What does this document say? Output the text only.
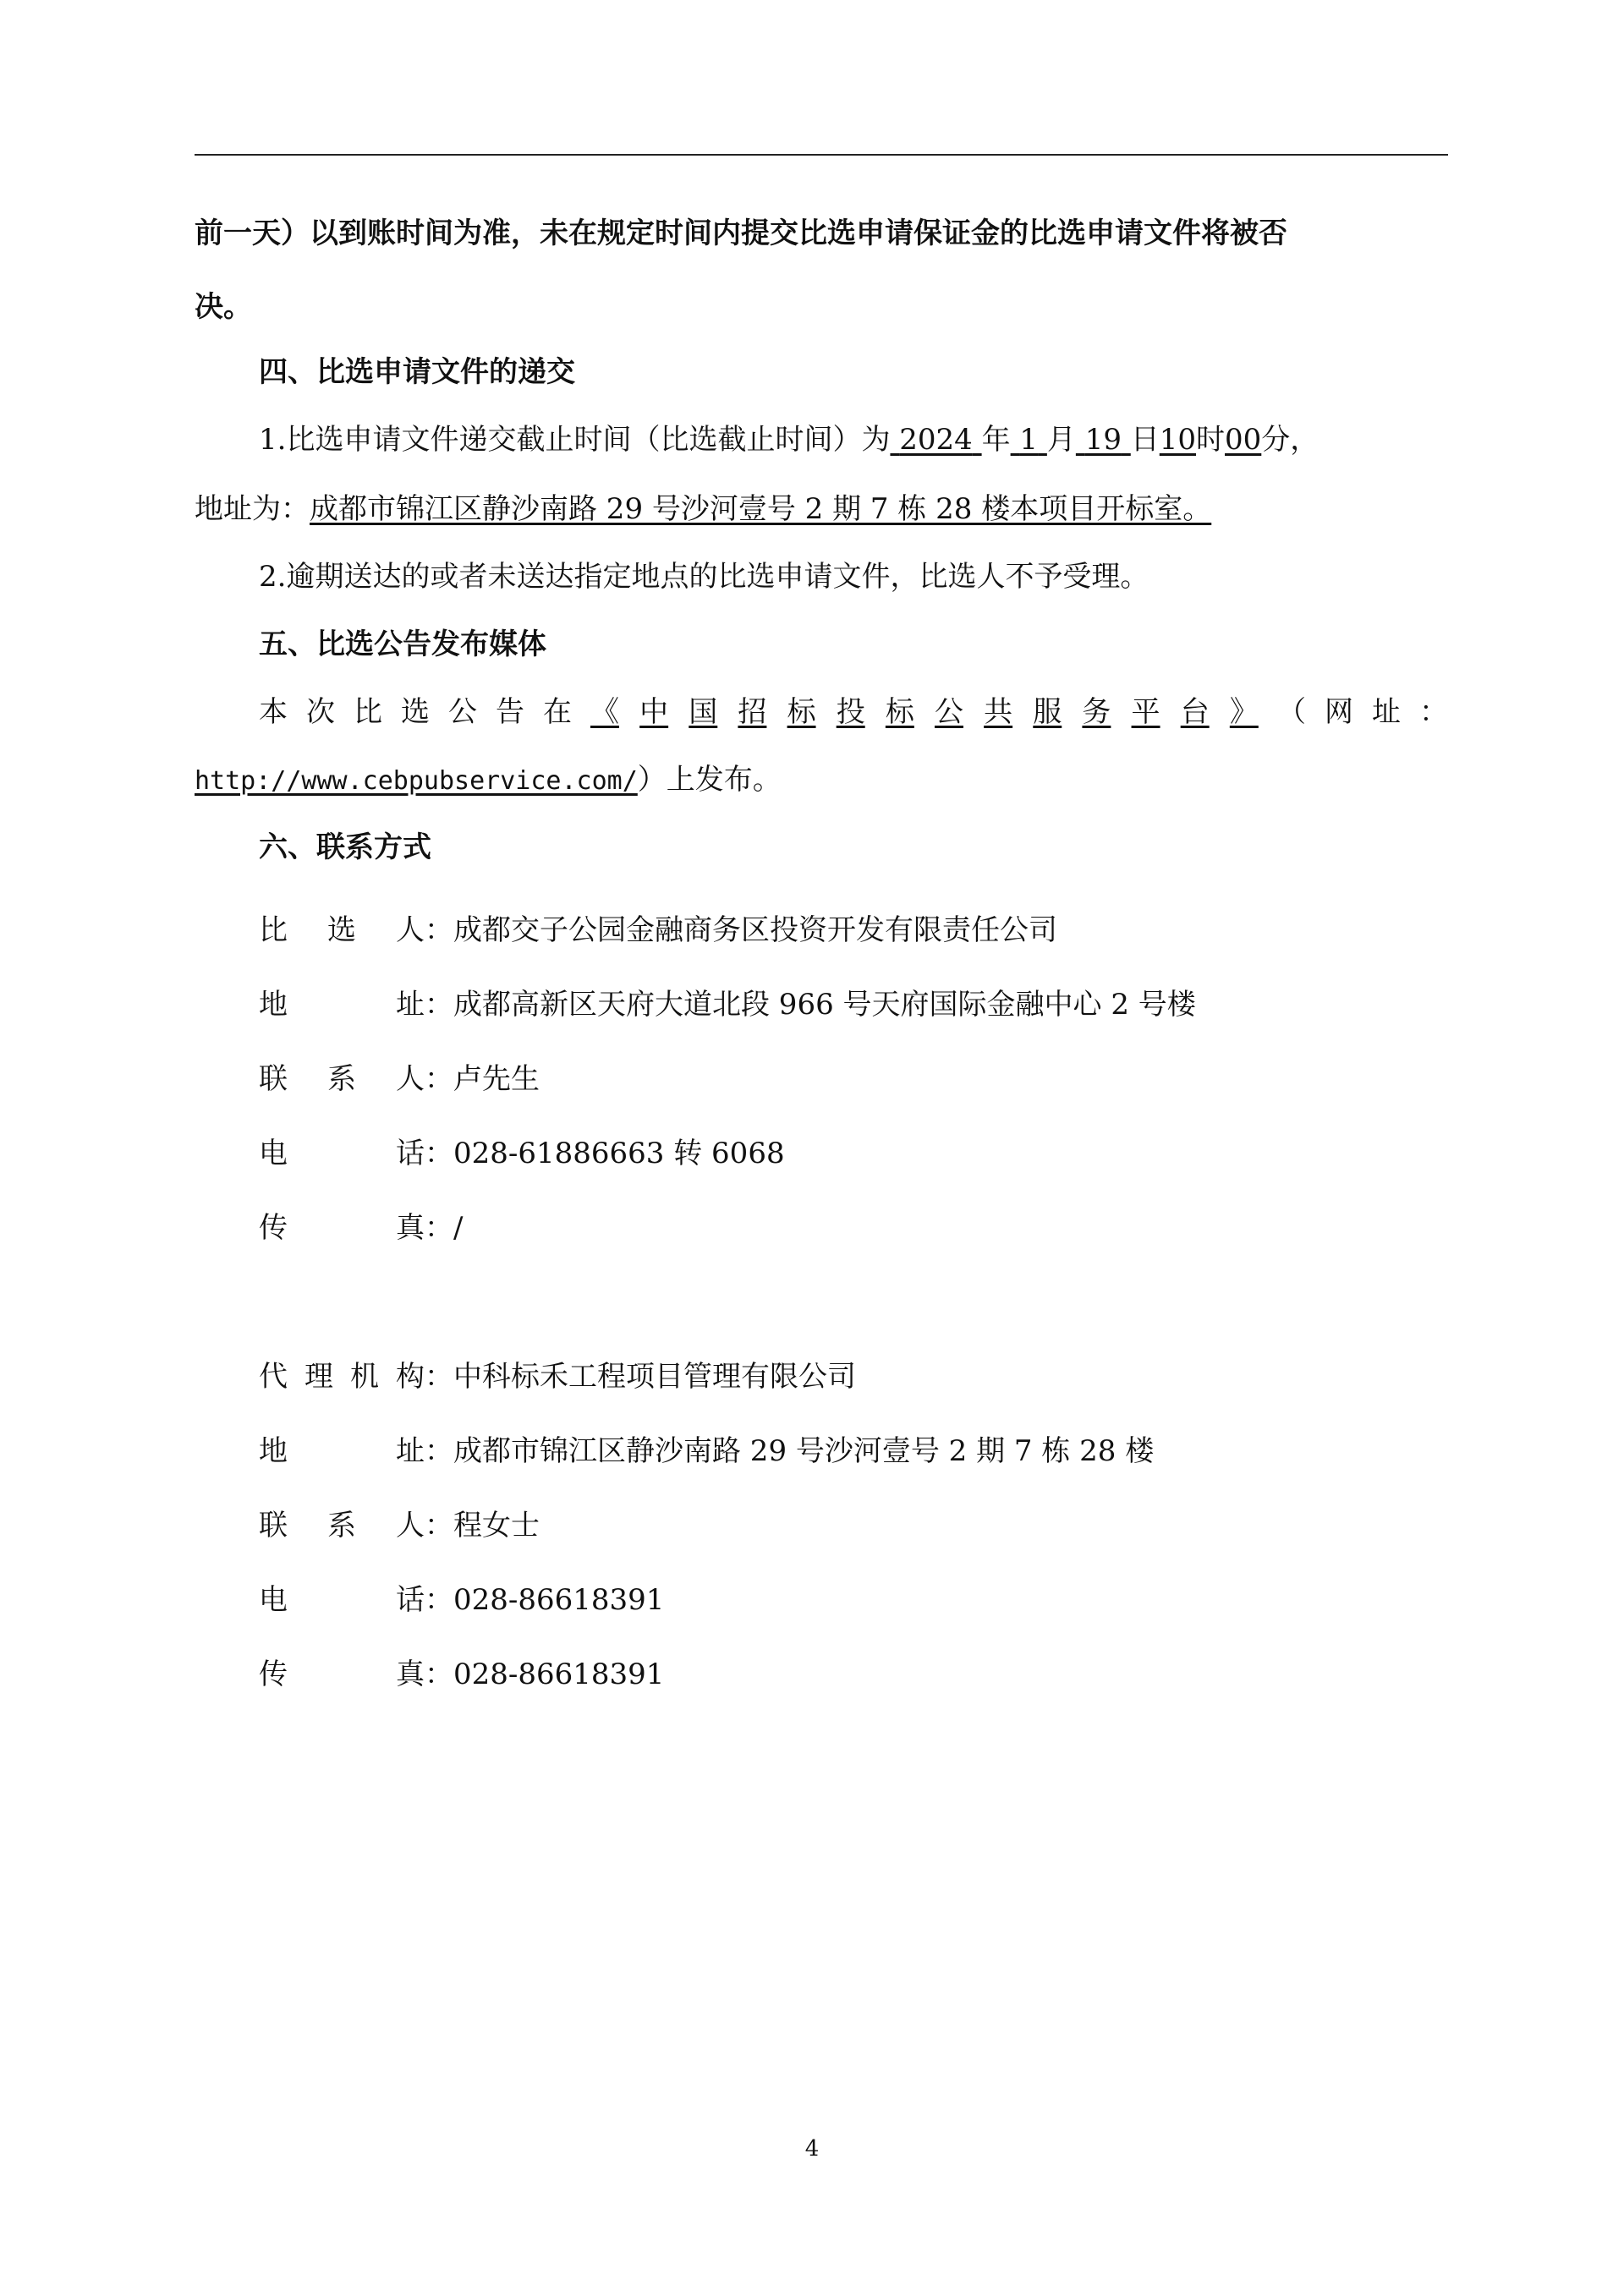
前一天）以到账时间为准，未在规定时间内提交比选申请保证金的比选申请文件将被否
决。
四、比选申请文件的递交
1.比选申请文件递交截止时间（比选截止时间）为 2024 年 1 月 19 日10时00分，
地址为：成都市锦江区静沙南路 29 号沙河壹号 2 期 7 栋 28 楼本项目开标室。
2.逾期送达的或者未送达指定地点的比选申请文件，比选人不予受理。
五、比选公告发布媒体
本 次 比 选 公 告 在 《 中 国 招 标 投 标 公 共 服 务 平 台 》 （ 网 址 ：
http://www.cebpubservice.com/）上发布。
六、联系方式
比选人：成都交子公园金融商务区投资开发有限责任公司
地址：成都高新区天府大道北段 966 号天府国际金融中心 2 号楼
联系人：卢先生
电话：028-61886663 转 6068
传真：/
代理机构：中科标禾工程项目管理有限公司
地址：成都市锦江区静沙南路 29 号沙河壹号 2 期 7 栋 28 楼
联系人：程女士
电话：028-86618391
传真：028-86618391
4
